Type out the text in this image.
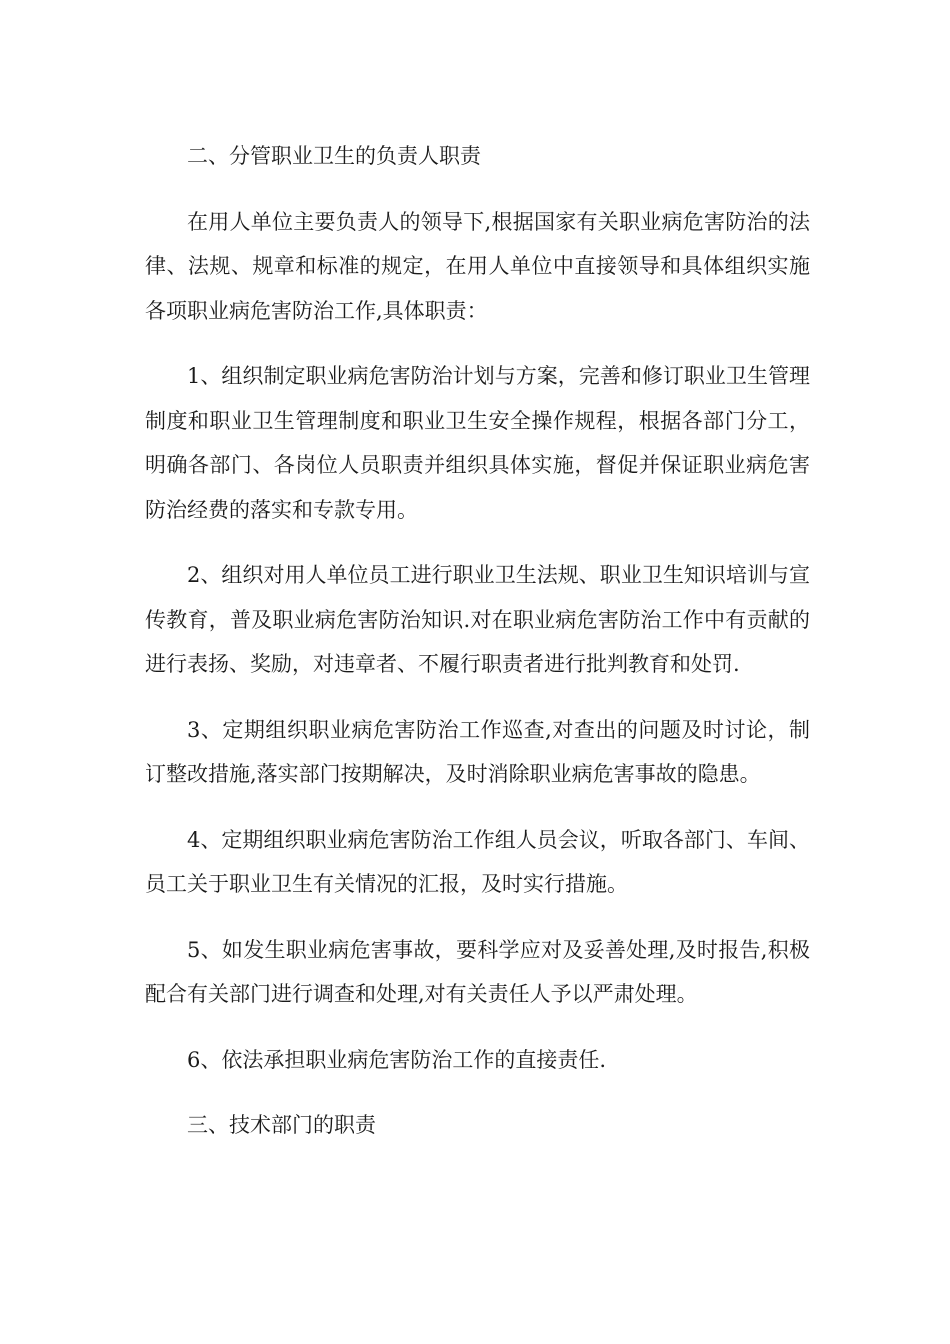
二、分管职业卫生的负责人职责

在用人单位主要负责人的领导下,根据国家有关职业病危害防治的法律、法规、规章和标准的规定，在用人单位中直接领导和具体组织实施各项职业病危害防治工作,具体职责：

1、组织制定职业病危害防治计划与方案，完善和修订职业卫生管理制度和职业卫生管理制度和职业卫生安全操作规程，根据各部门分工，明确各部门、各岗位人员职责并组织具体实施，督促并保证职业病危害防治经费的落实和专款专用。

2、组织对用人单位员工进行职业卫生法规、职业卫生知识培训与宣传教育，普及职业病危害防治知识.对在职业病危害防治工作中有贡献的进行表扬、奖励，对违章者、不履行职责者进行批判教育和处罚.

3、定期组织职业病危害防治工作巡查,对查出的问题及时讨论，制订整改措施,落实部门按期解决，及时消除职业病危害事故的隐患。

4、定期组织职业病危害防治工作组人员会议，听取各部门、车间、员工关于职业卫生有关情况的汇报，及时实行措施。

5、如发生职业病危害事故，要科学应对及妥善处理,及时报告,积极配合有关部门进行调查和处理,对有关责任人予以严肃处理。

6、依法承担职业病危害防治工作的直接责任.

三、技术部门的职责
